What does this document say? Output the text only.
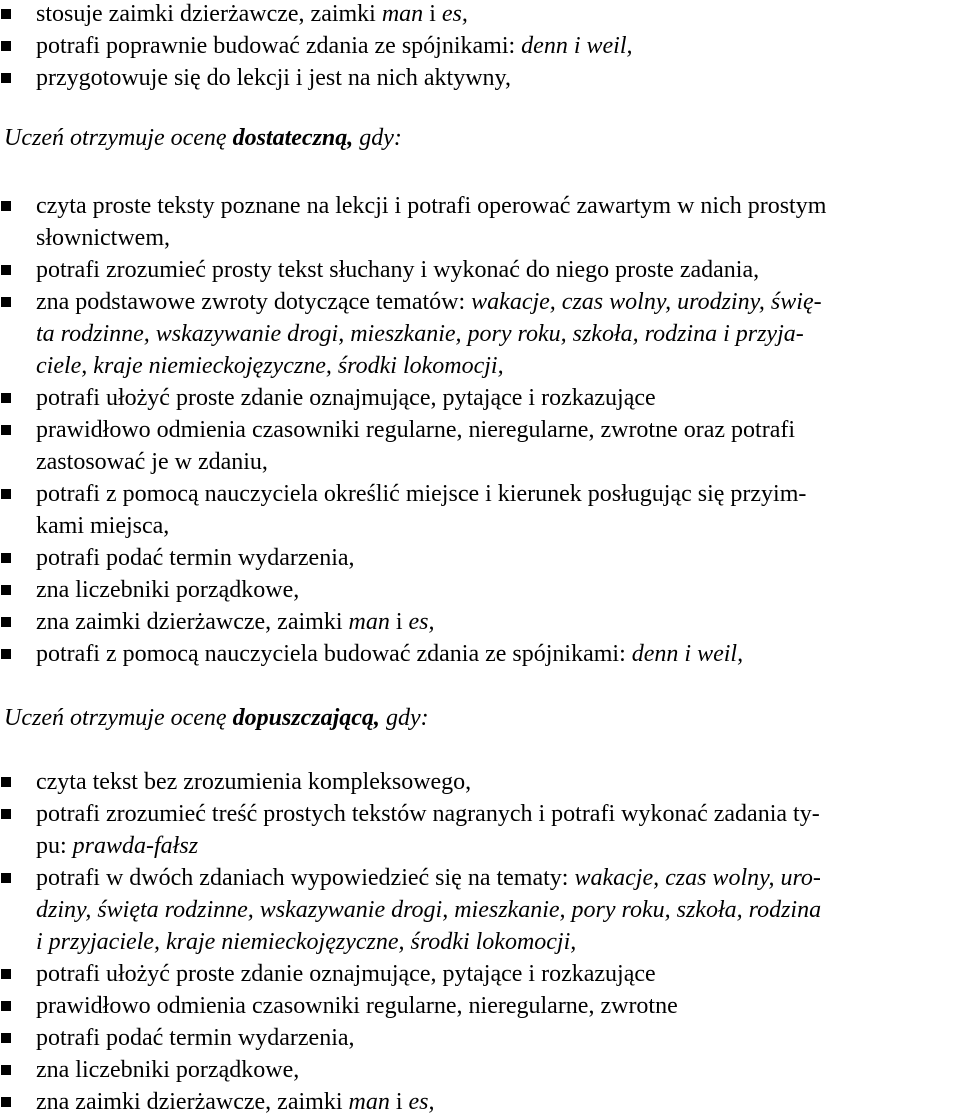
stosuje zaimki dzierżawcze, zaimki man i es,
potrafi poprawnie budować zdania ze spójnikami: denn i weil,
przygotowuje się do lekcji i jest na nich aktywny,
Uczeń otrzymuje ocenę dostateczną, gdy:
czyta proste teksty poznane na lekcji i potrafi operować zawartym w nich prostym
słownictwem,
potrafi zrozumieć prosty tekst słuchany i wykonać do niego proste zadania,
zna podstawowe zwroty dotyczące tematów: wakacje, czas wolny, urodziny, świę-
ta rodzinne, wskazywanie drogi, mieszkanie, pory roku, szkoła, rodzina i przyja-
ciele, kraje niemieckojęzyczne, środki lokomocji,
potrafi ułożyć proste zdanie oznajmujące, pytające i rozkazujące
prawidłowo odmienia czasowniki regularne, nieregularne, zwrotne oraz potrafi
zastosować je w zdaniu,
potrafi z pomocą nauczyciela określić miejsce i kierunek posługując się przyim-
kami miejsca,
potrafi podać termin wydarzenia,
zna liczebniki porządkowe,
zna zaimki dzierżawcze, zaimki man i es,
potrafi z pomocą nauczyciela budować zdania ze spójnikami: denn i weil,
Uczeń otrzymuje ocenę dopuszczającą, gdy:
czyta tekst bez zrozumienia kompleksowego,
potrafi zrozumieć treść prostych tekstów nagranych i potrafi wykonać zadania ty-
pu: prawda-fałsz
potrafi w dwóch zdaniach wypowiedzieć się na tematy: wakacje, czas wolny, uro-
dziny, święta rodzinne, wskazywanie drogi, mieszkanie, pory roku, szkoła, rodzina
i przyjaciele, kraje niemieckojęzyczne, środki lokomocji,
potrafi ułożyć proste zdanie oznajmujące, pytające i rozkazujące
prawidłowo odmienia czasowniki regularne, nieregularne, zwrotne
potrafi podać termin wydarzenia,
zna liczebniki porządkowe,
zna zaimki dzierżawcze, zaimki man i es,
